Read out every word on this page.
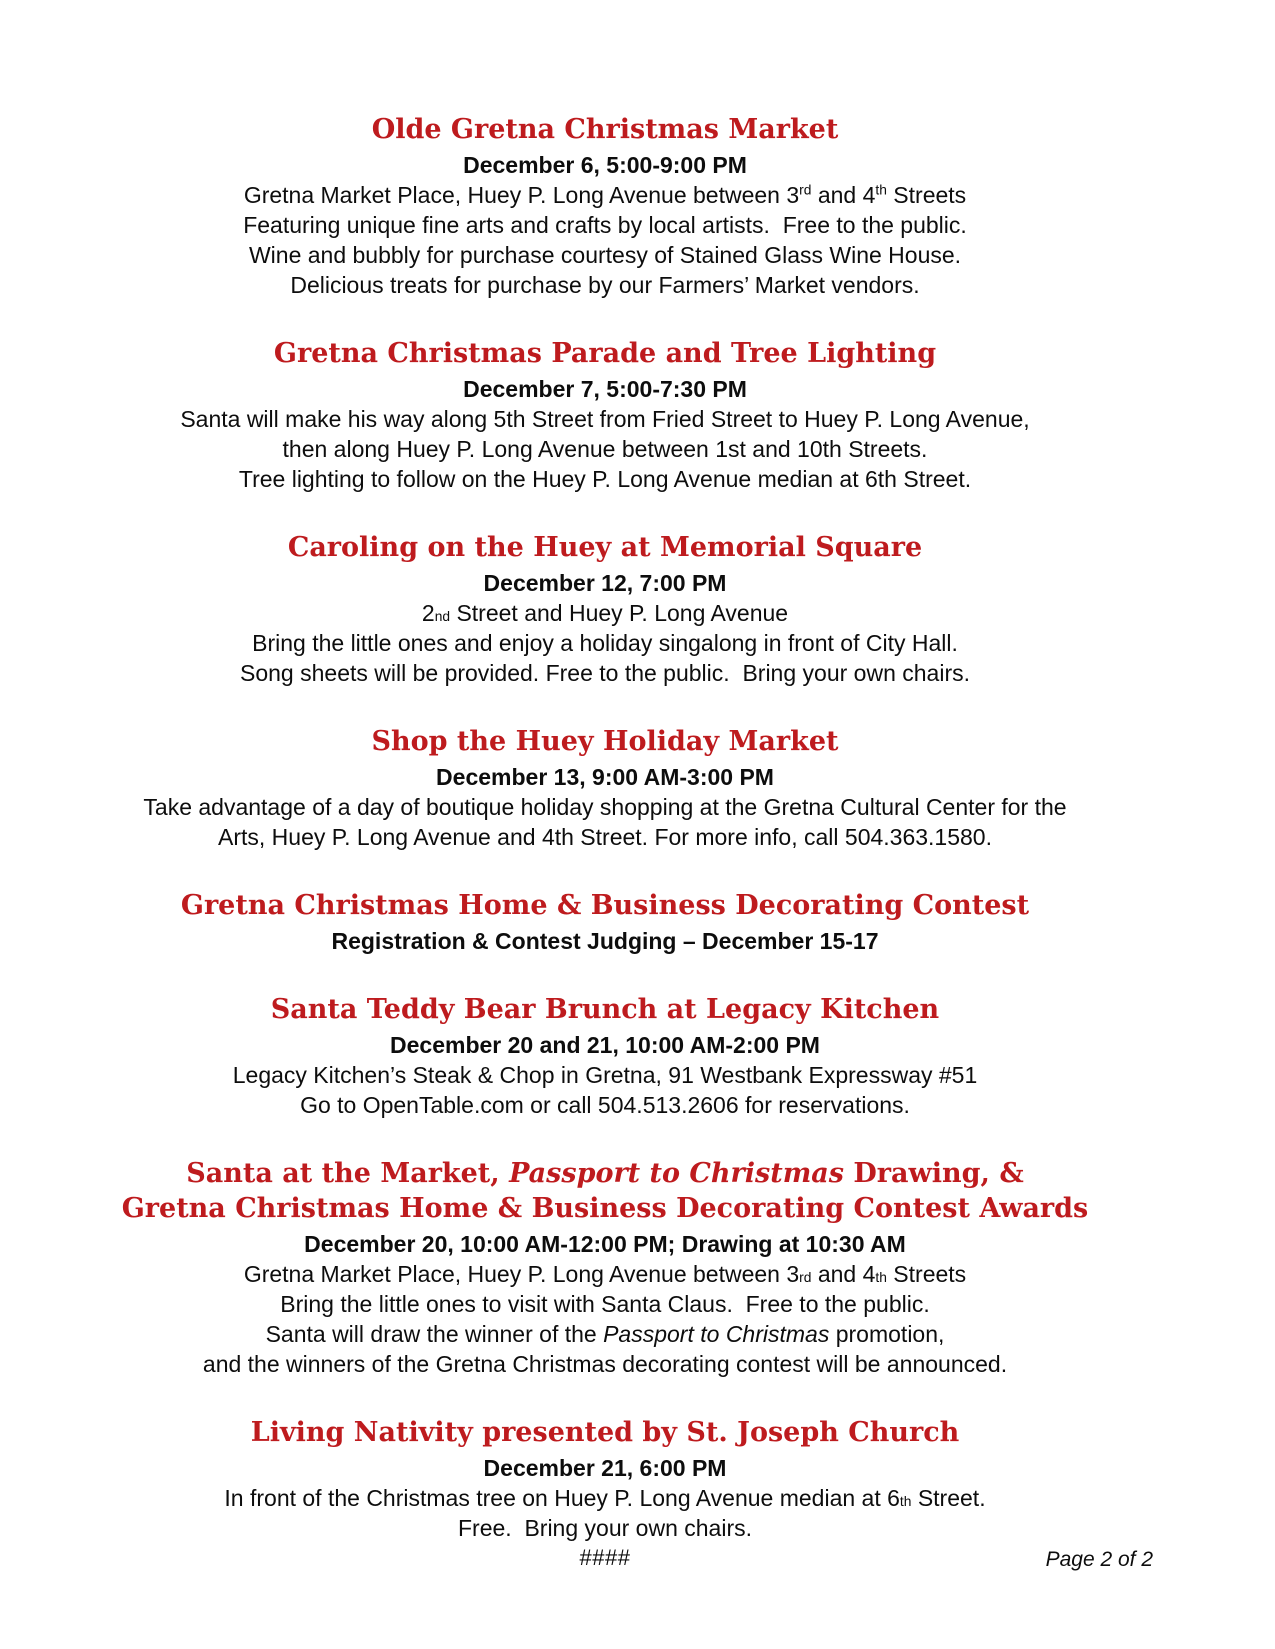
Olde Gretna Christmas Market
December 6, 5:00-9:00 PM
Gretna Market Place, Huey P. Long Avenue between 3rd and 4th Streets
Featuring unique fine arts and crafts by local artists.  Free to the public.
Wine and bubbly for purchase courtesy of Stained Glass Wine House.
Delicious treats for purchase by our Farmers’ Market vendors.
Gretna Christmas Parade and Tree Lighting
December 7, 5:00-7:30 PM
Santa will make his way along 5th Street from Fried Street to Huey P. Long Avenue,
then along Huey P. Long Avenue between 1st and 10th Streets.
Tree lighting to follow on the Huey P. Long Avenue median at 6th Street.
Caroling on the Huey at Memorial Square
December 12, 7:00 PM
2nd Street and Huey P. Long Avenue
Bring the little ones and enjoy a holiday singalong in front of City Hall.
Song sheets will be provided. Free to the public.  Bring your own chairs.
Shop the Huey Holiday Market
December 13, 9:00 AM-3:00 PM
Take advantage of a day of boutique holiday shopping at the Gretna Cultural Center for the
Arts, Huey P. Long Avenue and 4th Street. For more info, call 504.363.1580.
Gretna Christmas Home & Business Decorating Contest
Registration & Contest Judging – December 15-17
Santa Teddy Bear Brunch at Legacy Kitchen
December 20 and 21, 10:00 AM-2:00 PM
Legacy Kitchen’s Steak & Chop in Gretna, 91 Westbank Expressway #51
Go to OpenTable.com or call 504.513.2606 for reservations.
Santa at the Market, Passport to Christmas Drawing, &
Gretna Christmas Home & Business Decorating Contest Awards
December 20, 10:00 AM-12:00 PM; Drawing at 10:30 AM
Gretna Market Place, Huey P. Long Avenue between 3rd and 4th Streets
Bring the little ones to visit with Santa Claus.  Free to the public.
Santa will draw the winner of the Passport to Christmas promotion,
and the winners of the Gretna Christmas decorating contest will be announced.
Living Nativity presented by St. Joseph Church
December 21, 6:00 PM
In front of the Christmas tree on Huey P. Long Avenue median at 6th Street.
Free.  Bring your own chairs.
####	Page 2 of 2
